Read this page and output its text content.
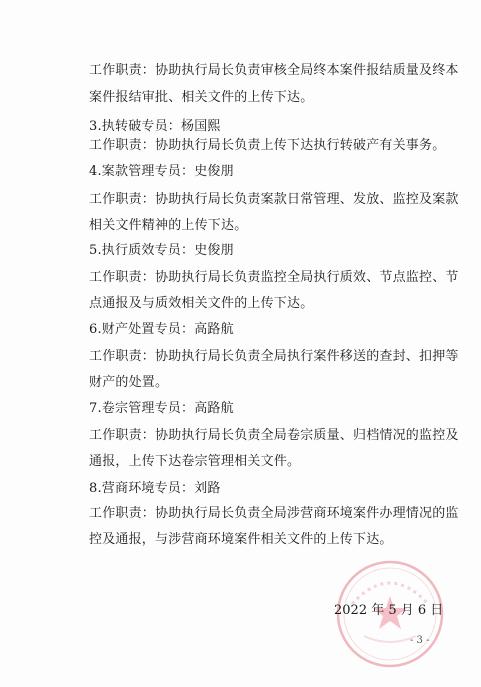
工作职责：协助执行局长负责审核全局终本案件报结质量及终本
案件报结审批、相关文件的上传下达。
3.执转破专员：杨国熙
工作职责：协助执行局长负责上传下达执行转破产有关事务。
4.案款管理专员：史俊朋
工作职责：协助执行局长负责案款日常管理、发放、监控及案款
相关文件精神的上传下达。
5.执行质效专员：史俊朋
工作职责：协助执行局长负责监控全局执行质效、节点监控、节
点通报及与质效相关文件的上传下达。
6.财产处置专员：高路航
工作职责：协助执行局长负责全局执行案件移送的查封、扣押等
财产的处置。
7.卷宗管理专员：高路航
工作职责：协助执行局长负责全局卷宗质量、归档情况的监控及
通报，上传下达卷宗管理相关文件。
8.营商环境专员：刘路
工作职责：协助执行局长负责全局涉营商环境案件办理情况的监
控及通报，与涉营商环境案件相关文件的上传下达。
2022 年 5 月 6 日
- 3 -
